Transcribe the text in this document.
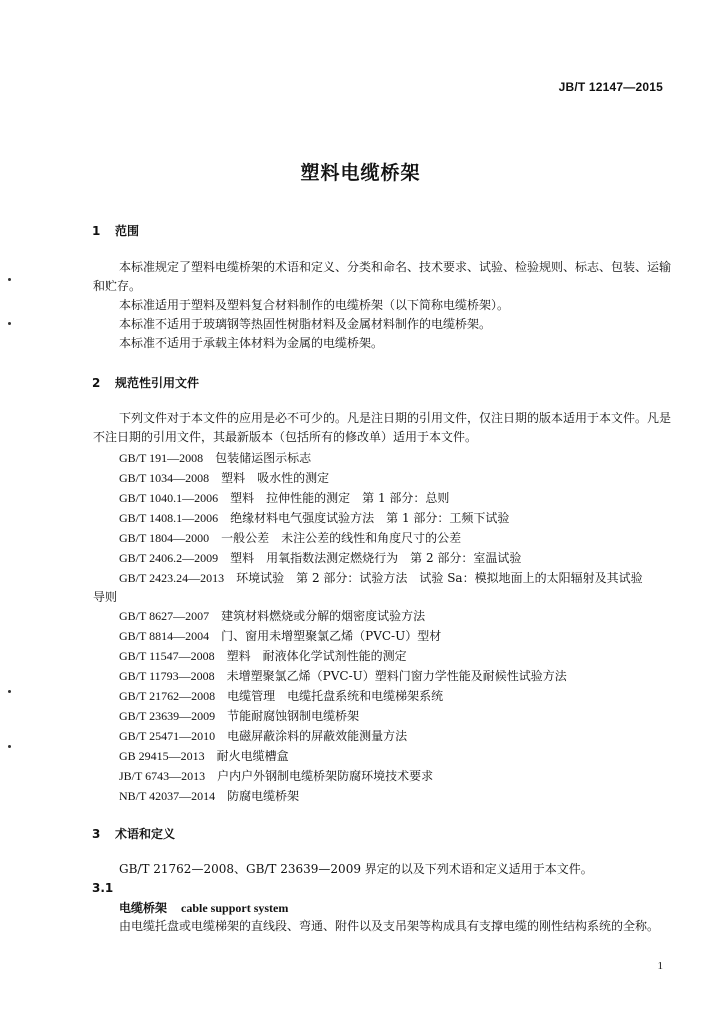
JB/T 12147—2015
塑料电缆桥架
1 范围
本标准规定了塑料电缆桥架的术语和定义、分类和命名、技术要求、试验、检验规则、标志、包装、运输和贮存。
本标准适用于塑料及塑料复合材料制作的电缆桥架（以下简称电缆桥架）。
本标准不适用于玻璃钢等热固性树脂材料及金属材料制作的电缆桥架。
本标准不适用于承载主体材料为金属的电缆桥架。
2 规范性引用文件
下列文件对于本文件的应用是必不可少的。凡是注日期的引用文件，仅注日期的版本适用于本文件。凡是不注日期的引用文件，其最新版本（包括所有的修改单）适用于本文件。
GB/T 191—2008 包装储运图示标志
GB/T 1034—2008 塑料　吸水性的测定
GB/T 1040.1—2006 塑料　拉伸性能的测定　第 1 部分：总则
GB/T 1408.1—2006 绝缘材料电气强度试验方法　第 1 部分：工频下试验
GB/T 1804—2000 一般公差　未注公差的线性和角度尺寸的公差
GB/T 2406.2—2009 塑料　用氧指数法测定燃烧行为　第 2 部分：室温试验
GB/T 2423.24—2013 环境试验　第 2 部分：试验方法　试验 Sa：模拟地面上的太阳辐射及其试验
导则
GB/T 8627—2007 建筑材料燃烧或分解的烟密度试验方法
GB/T 8814—2004 门、窗用未增塑聚氯乙烯（PVC-U）型材
GB/T 11547—2008 塑料　耐液体化学试剂性能的测定
GB/T 11793—2008 未增塑聚氯乙烯（PVC-U）塑料门窗力学性能及耐候性试验方法
GB/T 21762—2008 电缆管理　电缆托盘系统和电缆梯架系统
GB/T 23639—2009 节能耐腐蚀钢制电缆桥架
GB/T 25471—2010 电磁屏蔽涂料的屏蔽效能测量方法
GB 29415—2013 耐火电缆槽盒
JB/T 6743—2013 户内户外钢制电缆桥架防腐环境技术要求
NB/T 42037—2014 防腐电缆桥架
3 术语和定义
GB/T 21762—2008、GB/T 23639—2009 界定的以及下列术语和定义适用于本文件。
3.1
电缆桥架 cable support system
由电缆托盘或电缆梯架的直线段、弯通、附件以及支吊架等构成具有支撑电缆的刚性结构系统的全称。
1
